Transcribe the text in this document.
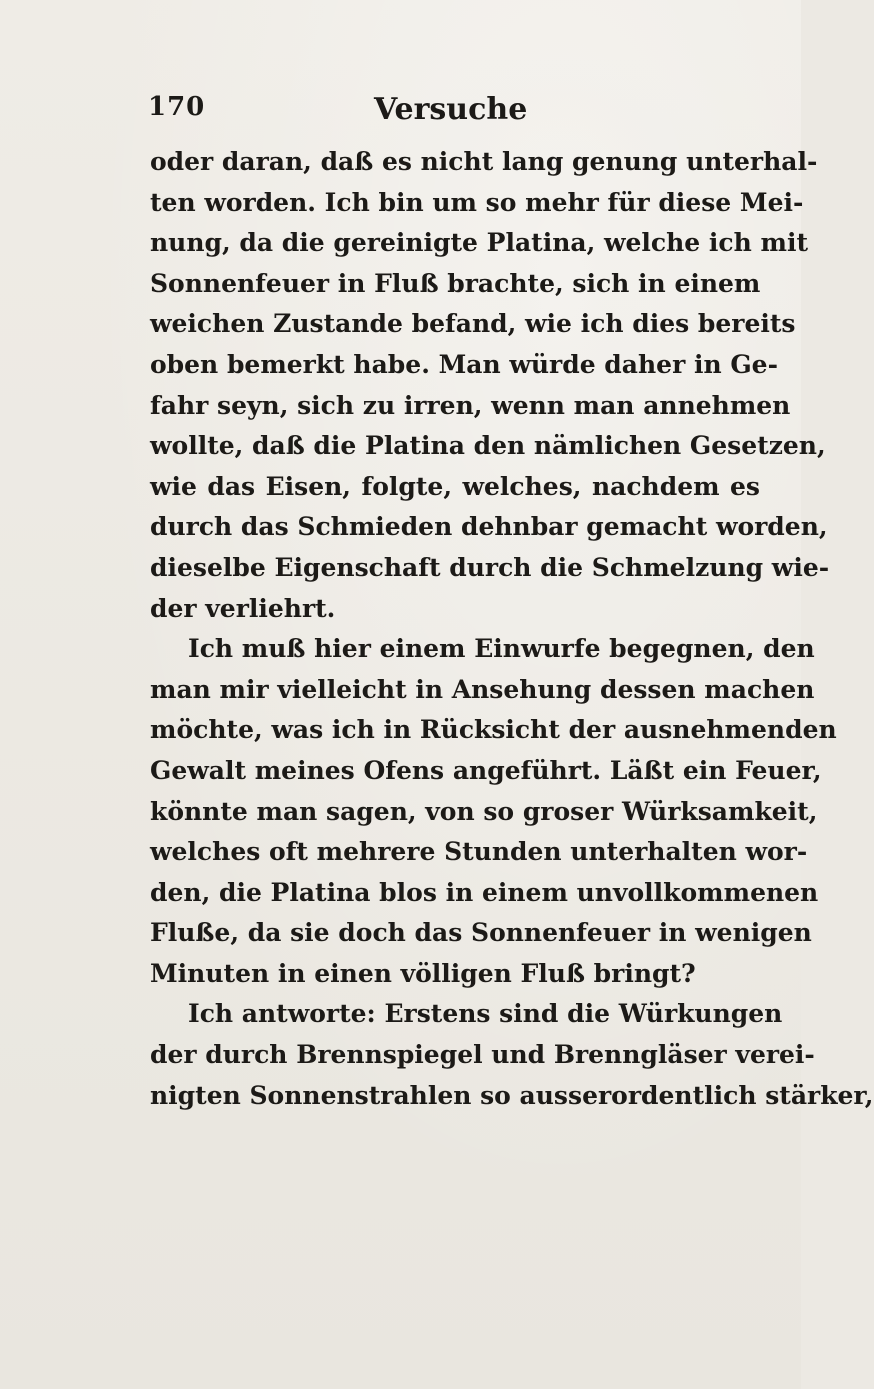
170	Versuche
oder daran, daß es nicht lang genung unterhal-
ten worden. Ich bin um so mehr für diese Mei-
nung, da die gereinigte Platina, welche ich mit
Sonnenfeuer in Fluß brachte, sich in einem
weichen Zustande befand, wie ich dies bereits
oben bemerkt habe. Man würde daher in Ge-
fahr seyn, sich zu irren, wenn man annehmen
wollte, daß die Platina den nämlichen Gesetzen,
wie das Eisen, folgte, welches, nachdem es
durch das Schmieden dehnbar gemacht worden,
dieselbe Eigenschaft durch die Schmelzung wie-
der verliehrt.
Ich muß hier einem Einwurfe begegnen, den
man mir vielleicht in Ansehung dessen machen
möchte, was ich in Rücksicht der ausnehmenden
Gewalt meines Ofens angeführt. Läßt ein Feuer,
könnte man sagen, von so groser Würksamkeit,
welches oft mehrere Stunden unterhalten wor-
den, die Platina blos in einem unvollkommenen
Fluße, da sie doch das Sonnenfeuer in wenigen
Minuten in einen völligen Fluß bringt?
Ich antworte: Erstens sind die Würkungen
der durch Brennspiegel und Brenngläser verei-
nigten Sonnenstrahlen so ausserordentlich stärker,
